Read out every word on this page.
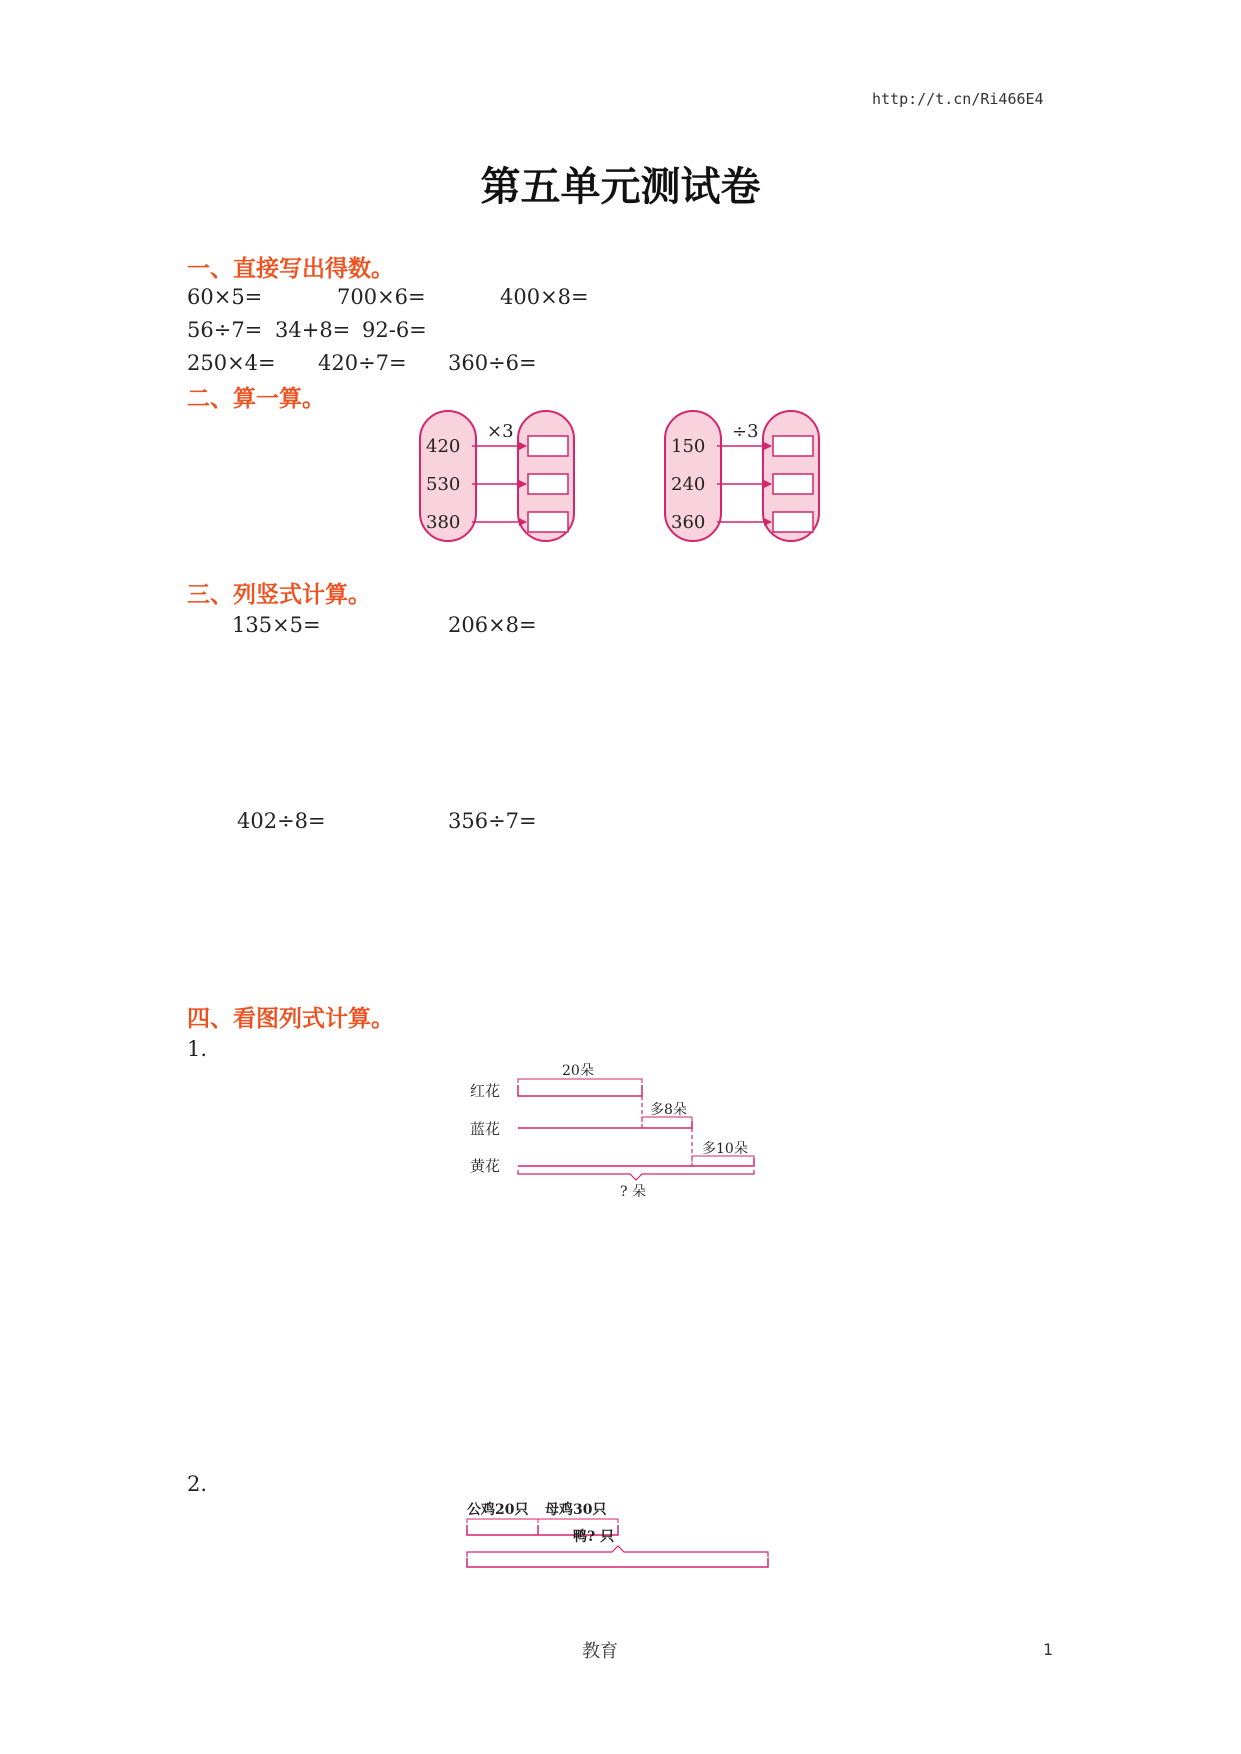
http://t.cn/Ri466E4
第五单元测试卷
一、直接写出得数。
60×5=	700×6=	400×8=
56÷7= 34+8= 92-6=
250×4= 420÷7= 360÷6=
二、算一算。
×3
420
530
380
÷3
150
240
360
三、列竖式计算。
135×5=	206×8=
402÷8=	356÷7=
四、看图列式计算。
1.
红花
蓝花
黄花
20朵
多8朵
多10朵
? 朵
2.
公鸡20只 母鸡30只
鸭? 只
教育	1
